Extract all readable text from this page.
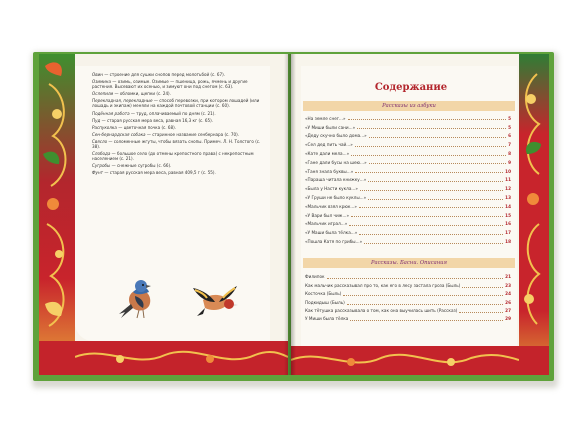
Овин — строение для сушки снопов перед молотьбой (с. 67).
Озимина — озимь, озимые. Озимые — пшеница, рожь, ячмень и другие растения. Высевают их осенью, и зимуют они под снегом (с. 63).
Ослепили — обломки, щепки (с. 24).
Перекладная, перекладные — способ перевозки, при котором лошадей (или лошадь и экипаж) меняли на каждой почтовой станции (с. 60).
Подённая работа — труд, оплачиваемый по дням (с. 21).
Пуд — старая русская мера веса, равная 16,3 кг (с. 65).
Распуколка — цветочная почка (с. 68).
Сен-бернардская собака — старинное название сенбернара (с. 70).
Свясло — соломенные жгуты, чтобы вязать снопы. Примеч. Л. Н. Толстого (с. 38).
Слобода — большое село (до отмены крепостного права) с некрепостным населением (с. 21).
Сугробы — снежные сугробы (с. 66).
Фунт — старая русская мера веса, равная 409,5 г (с. 55).
Содержание
Рассказы из азбуки
«На земле снег...»	5
«У Миши были сани...»	5
«Деду скучно было дома...»	6
«Сел дед пить чай...»	7
«Кате дали мела...»	8
«Гане дали бусы на шею...»	9
«Таня знала буквы...»	10
«Параша читала книжку...»	11
«Была у Насти кукла...»	12
«У Груши не было куклы...»	13
«Мальчик взял крюк...»	14
«У Вари был чиж...»	15
«Мальчик играл...»	16
«У Маши была тёлка...»	17
«Пошла Катя по грибы...»	18
Рассказы. Басни. Описания
Филипок	21
Как мальчик рассказывал про то, как его в лесу застала гроза (Быль)	23
Косточка (Быль)	24
Подкидыш (Быль)	26
Как тётушка рассказывала о том, как она выучилась шить (Рассказ)	27
У Миши была тёлка	29
